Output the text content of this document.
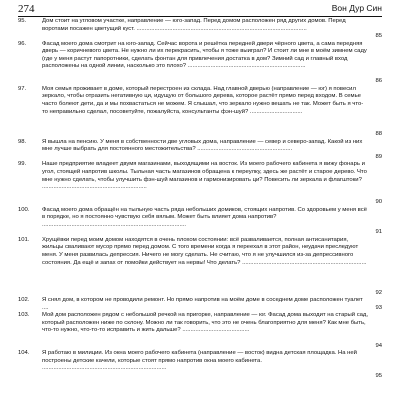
274	Вон Дур Син
95.	Дом стоит на угловом участке, направление — юго-запад. Перед домом расположен ряд других домов. Перед воротами посажен цветущий куст. ........................................................................................................
85
96.	Фасад моего дома смотрит на юго-запад. Сейчас ворота и решётка передней двери чёрного цвета, а сама передняя дверь — коричневого цвета. Не нужно ли их перекрасить, чтобы я тоже выиграл? И стоит ли мне в моём зимнем саду (где у меня растут папоротники, сделать фонтан для привлечения достатка в дом? Зимний сад и главный вход расположены на одной линии, насколько это плохо? ........................................................................
86
97.	Моя семья проживает в доме, который перестроен из склада. Над главной дверью (направление — юг) я повесил зеркало, чтобы отразить негативную ци, идущую от большого дерева, которое растёт прямо перед входом. В семье часто болеют дети, да и мы похвастаться не можем. Я слышал, что зеркало нужно вешать не так. Может быть я что-то неправильно сделал, посоветуйте, пожалуйста, консультанты фэн-шуй? ................................
88
98.	Я вышла на пенсию. У меня в собственности две угловых дома, направление — север и северо-запад. Какой из них мне лучше выбрать для постоянного местожительства? ..........................................................
89
99.	Наше предприятие владеет двумя магазинами, выходящими на восток. Из моего рабочего кабинета я вижу фонарь и угол, стоящей напротив школы. Тыльная часть магазинов обращена к переулку, здесь же растёт и старое дерево. Что мне нужно сделать, чтобы улучшить фэн-шуй магазинов и гармонизировать ци? Повесить ли зеркала и флагштоки? ................................................................
90
100. Фасад моего дома обращён на тыльную часть ряда небольших домиков, стоящих напротив. Со здоровьем у меня всё в порядке, но я постоянно чувствую себя вялым. Может быть влияет дома напротив? ........................................................................................
91
101. Хрущёвки перед моим домом находятся в очень плохом состоянии: всё разваливается, полная антисанитария, жильцы сваливают мусор прямо перед домом. С того времени когда я переехал в этот район, неудачи преследуют меня. У меня развилась депрессия. Ничего не могу сделать. Не считаю, что я не улучшился из-за депрессивного состояния. Да ещё и запах от помойки действует на нервы! Что делать? ............................................................................
92
102. Я снял дом, в котором не проводили ремонт. Но прямо напротив на моём доме в соседнем доме расположен туалет ....	93
103. Мой дом расположен рядом с небольшой речкой на пригорке, направление — юг. Фасад дома выходит на старый сад, который расположен ниже по склону. Можно ли так говорить, что это не очень благоприятно для меня? Как мне быть, что-то нужно, что-то-то исправить и жить дальше? .........................................
94
104. Я работаю в милиции. Из окна моего рабочего кабинета (направление — восток) видна детская площадка. На ней построены детские качели, которые стоят прямо напротив окна моего кабинета. ............................................................................
95
